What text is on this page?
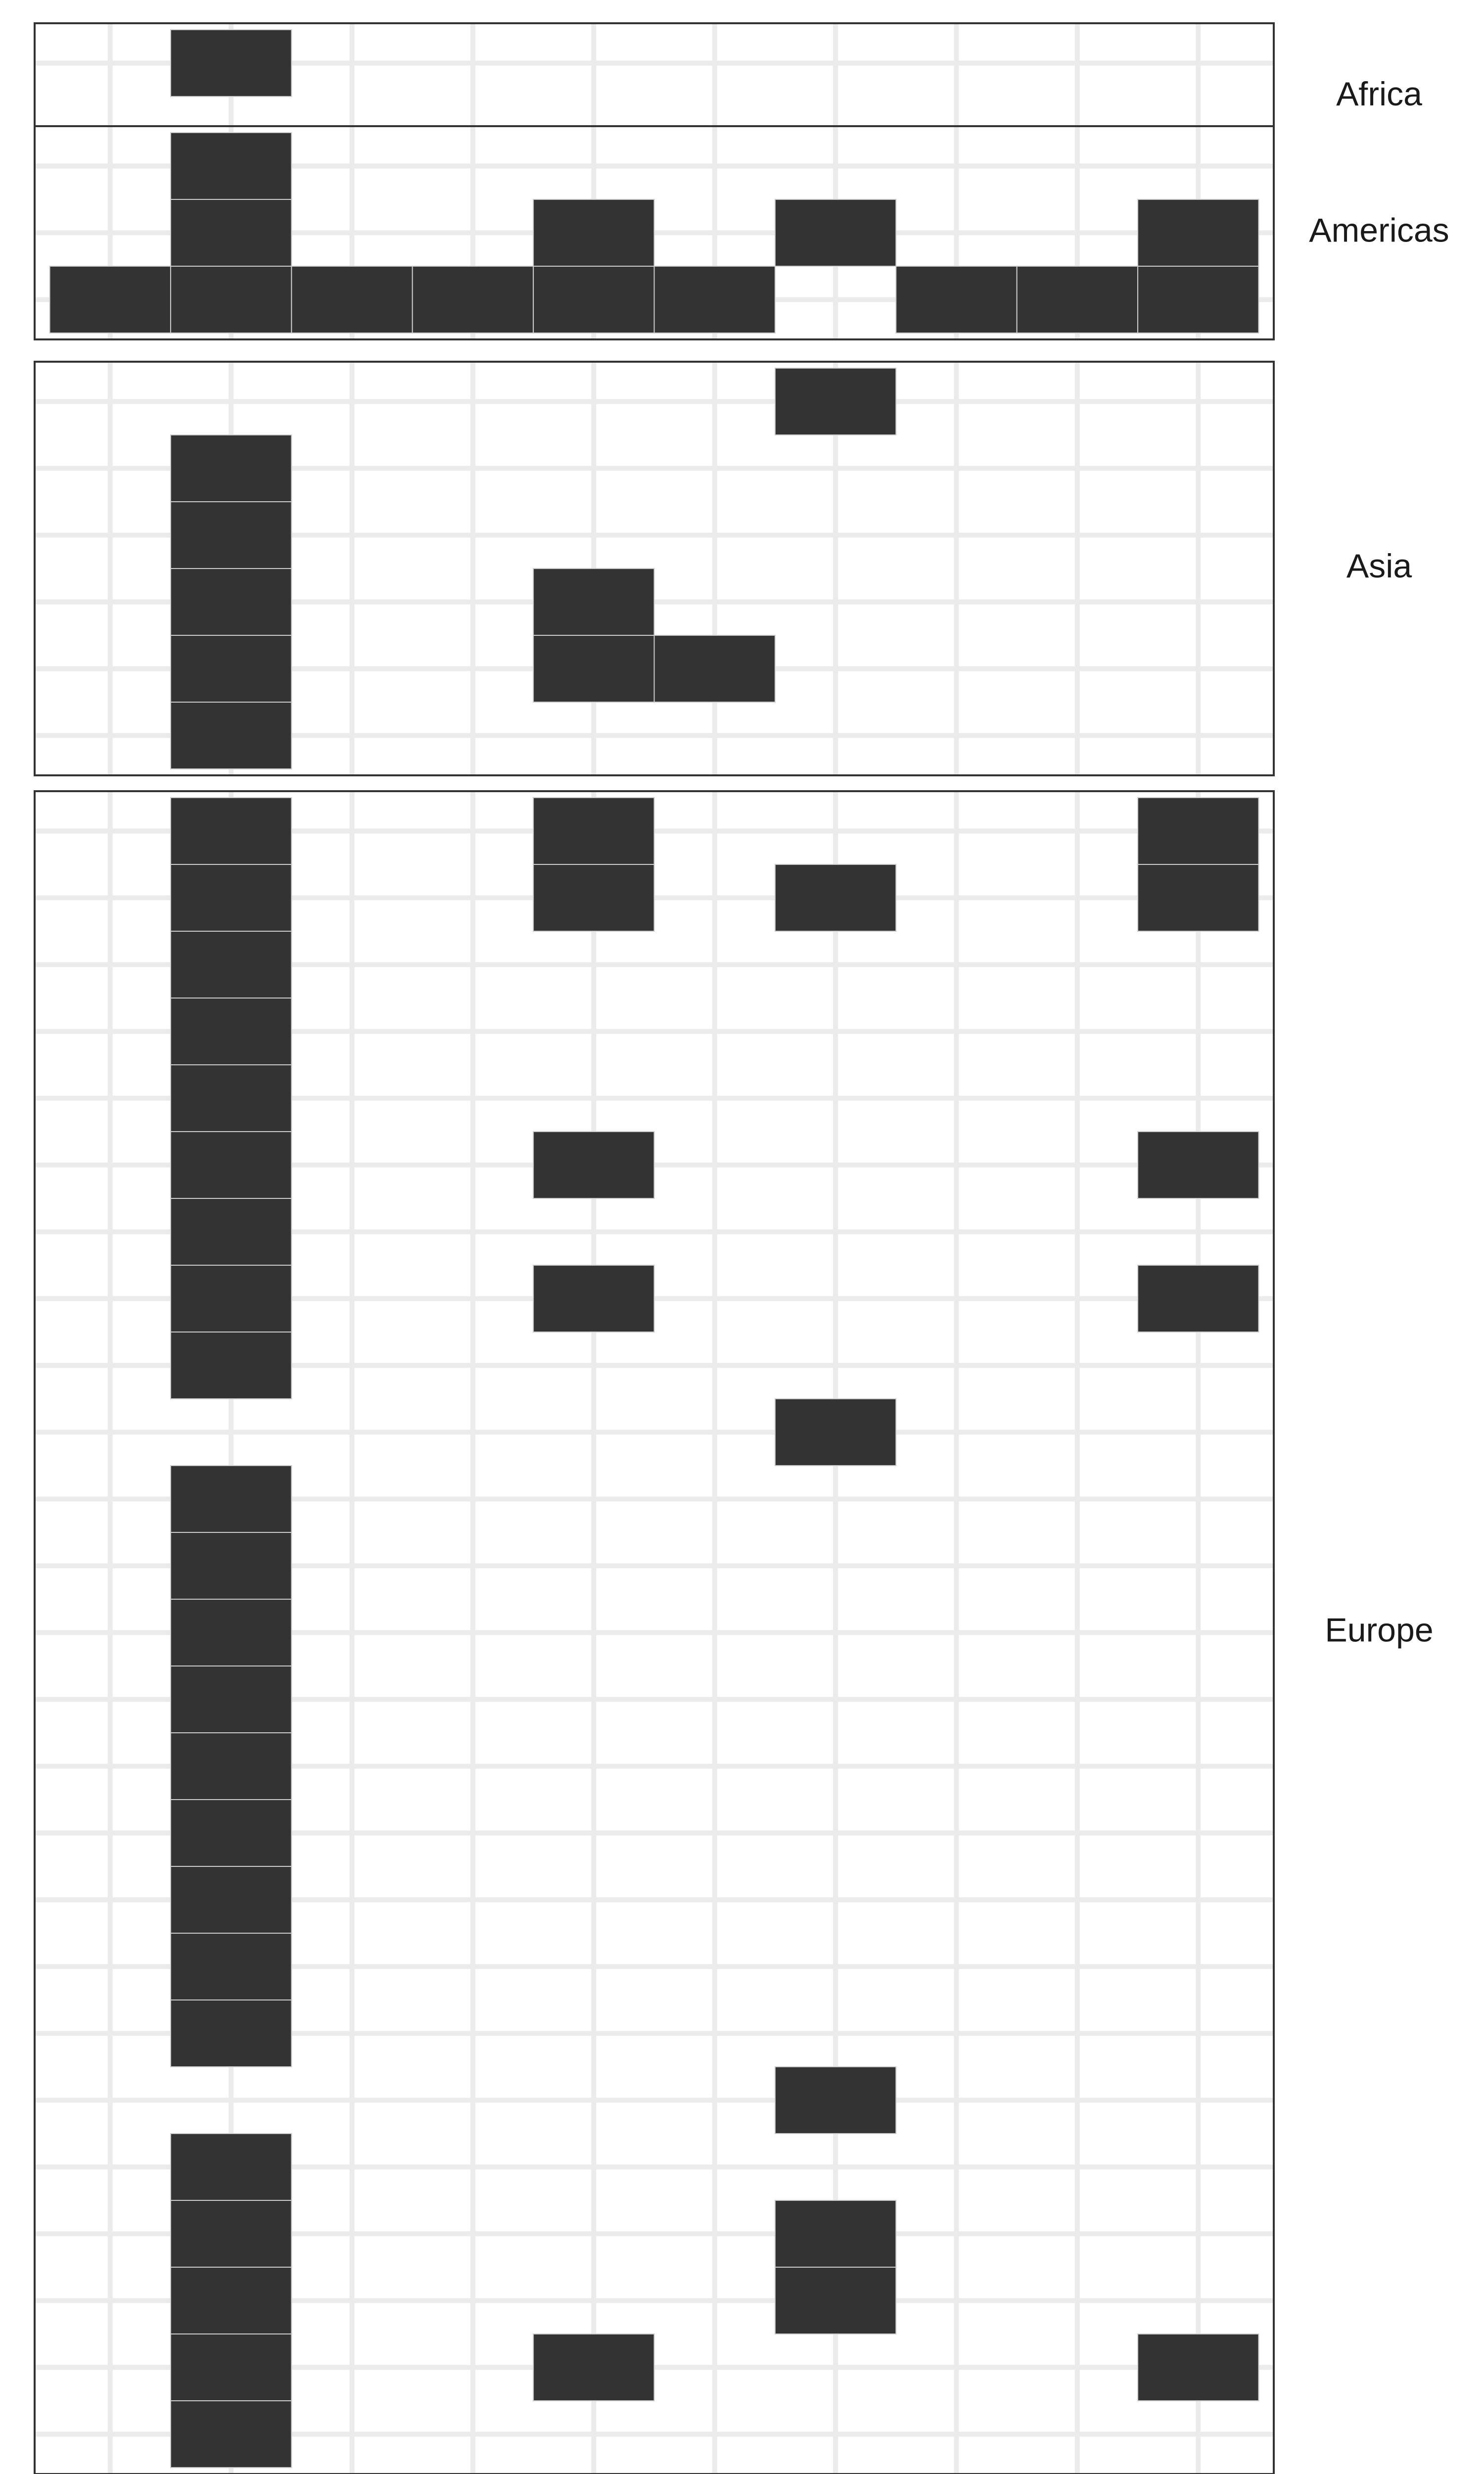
Africa
Americas
Asia
Europe
